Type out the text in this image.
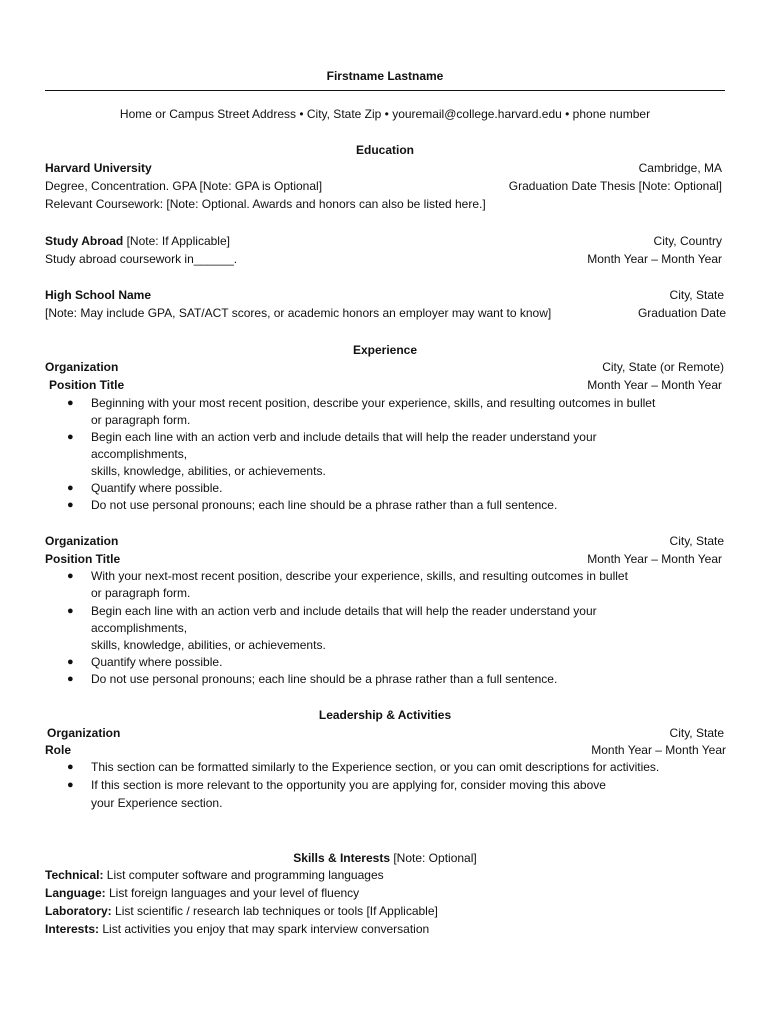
Firstname Lastname
Home or Campus Street Address • City, State Zip • youremail@college.harvard.edu • phone number
Education
Harvard University	Cambridge, MA
Degree, Concentration. GPA [Note: GPA is Optional]	Graduation Date Thesis [Note: Optional]
Relevant Coursework: [Note: Optional. Awards and honors can also be listed here.]
Study Abroad [Note: If Applicable]	City, Country
Study abroad coursework in______.	Month Year – Month Year
High School Name	City, State
[Note: May include GPA, SAT/ACT scores, or academic honors an employer may want to know]	Graduation Date
Experience
Organization	City, State (or Remote)
Position Title	Month Year – Month Year
● Beginning with your most recent position, describe your experience, skills, and resulting outcomes in bullet
or paragraph form.
● Begin each line with an action verb and include details that will help the reader understand your
accomplishments,
skills, knowledge, abilities, or achievements.
● Quantify where possible.
● Do not use personal pronouns; each line should be a phrase rather than a full sentence.
Organization	City, State
Position Title	Month Year – Month Year
● With your next-most recent position, describe your experience, skills, and resulting outcomes in bullet
or paragraph form.
● Begin each line with an action verb and include details that will help the reader understand your
accomplishments,
skills, knowledge, abilities, or achievements.
● Quantify where possible.
● Do not use personal pronouns; each line should be a phrase rather than a full sentence.
Leadership & Activities
Organization	City, State
Role	Month Year – Month Year
● This section can be formatted similarly to the Experience section, or you can omit descriptions for activities.
● If this section is more relevant to the opportunity you are applying for, consider moving this above
your Experience section.
Skills & Interests [Note: Optional]
Technical: List computer software and programming languages
Language: List foreign languages and your level of fluency
Laboratory: List scientific / research lab techniques or tools [If Applicable]
Interests: List activities you enjoy that may spark interview conversation
